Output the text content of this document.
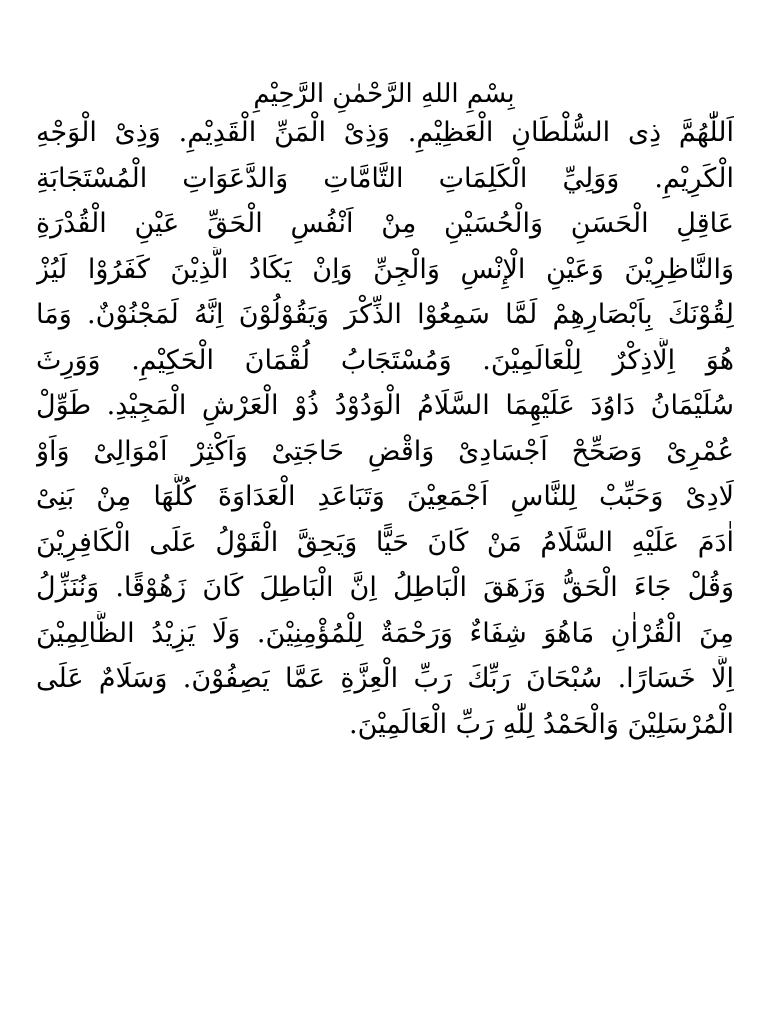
بِسْمِ اللهِ الرَّحْمٰنِ الرَّحِيْمِ
اَللّٰهُمَّ ذِى السُّلْطَانِ الْعَظِيْمِ. وَذِىْ الْمَنِّ الْقَدِيْمِ. وَذِىْ الْوَجْهِ
الْكَرِيْمِ. وَوَلِيِّ الْكَلِمَاتِ التَّامَّاتِ وَالدَّعَوَاتِ الْمُسْتَجَابَةِ
عَاقِلِ الْحَسَنِ وَالْحُسَيْنِ مِنْ اَنْفُسِ الْحَقِّ عَيْنِ الْقُدْرَةِ
وَالنَّاظِرِيْنَ وَعَيْنِ الْإِنْسِ وَالْجِنِّ وَاِنْ يَكَادُ الَّذِيْنَ كَفَرُوْا لَيُزْ
لِقُوْنَكَ بِاَبْصَارِهِمْ لَمَّا سَمِعُوْا الذِّكْرَ وَيَقُوْلُوْنَ اِنَّهُ لَمَجْنُوْنٌ. وَمَا
هُوَ اِلَّاذِكْرٌ لِلْعَالَمِيْنَ. وَمُسْتَجَابُ لُقْمَانَ الْحَكِيْمِ. وَوَرِثَ
سُلَيْمَانُ دَاوُدَ عَلَيْهِمَا السَّلَامُ الْوَدُوْدُ ذُوْ الْعَرْشِ الْمَجِيْدِ. طَوِّلْ
عُمْرِىْ وَصَحِّحْ اَجْسَادِىْ وَاقْضِ حَاجَتِىْ وَاَكْثِرْ اَمْوَالِىْ وَاَوْ
لَادِىْ وَحَبِّبْ لِلنَّاسِ اَجْمَعِيْنَ وَتَبَاعَدِ الْعَدَاوَةَ كُلَّهَا مِنْ بَنِىْ
اٰدَمَ عَلَيْهِ السَّلَامُ مَنْ كَانَ حَيًّا وَيَحِقَّ الْقَوْلُ عَلَى الْكَافِرِيْنَ
وَقُلْ جَاءَ الْحَقُّ وَزَهَقَ الْبَاطِلُ اِنَّ الْبَاطِلَ كَانَ زَهُوْقًا. وَنُنَزِّلُ
مِنَ الْقُرْاٰنِ مَاهُوَ شِفَاءٌ وَرَحْمَةٌ لِلْمُؤْمِنِيْنَ. وَلَا يَزِيْدُ الظَّالِمِيْنَ
اِلَّا خَسَارًا. سُبْحَانَ رَبِّكَ رَبِّ الْعِزَّةِ عَمَّا يَصِفُوْنَ. وَسَلَامٌ عَلَى
الْمُرْسَلِيْنَ وَالْحَمْدُ لِلّٰهِ رَبِّ الْعَالَمِيْنَ.
